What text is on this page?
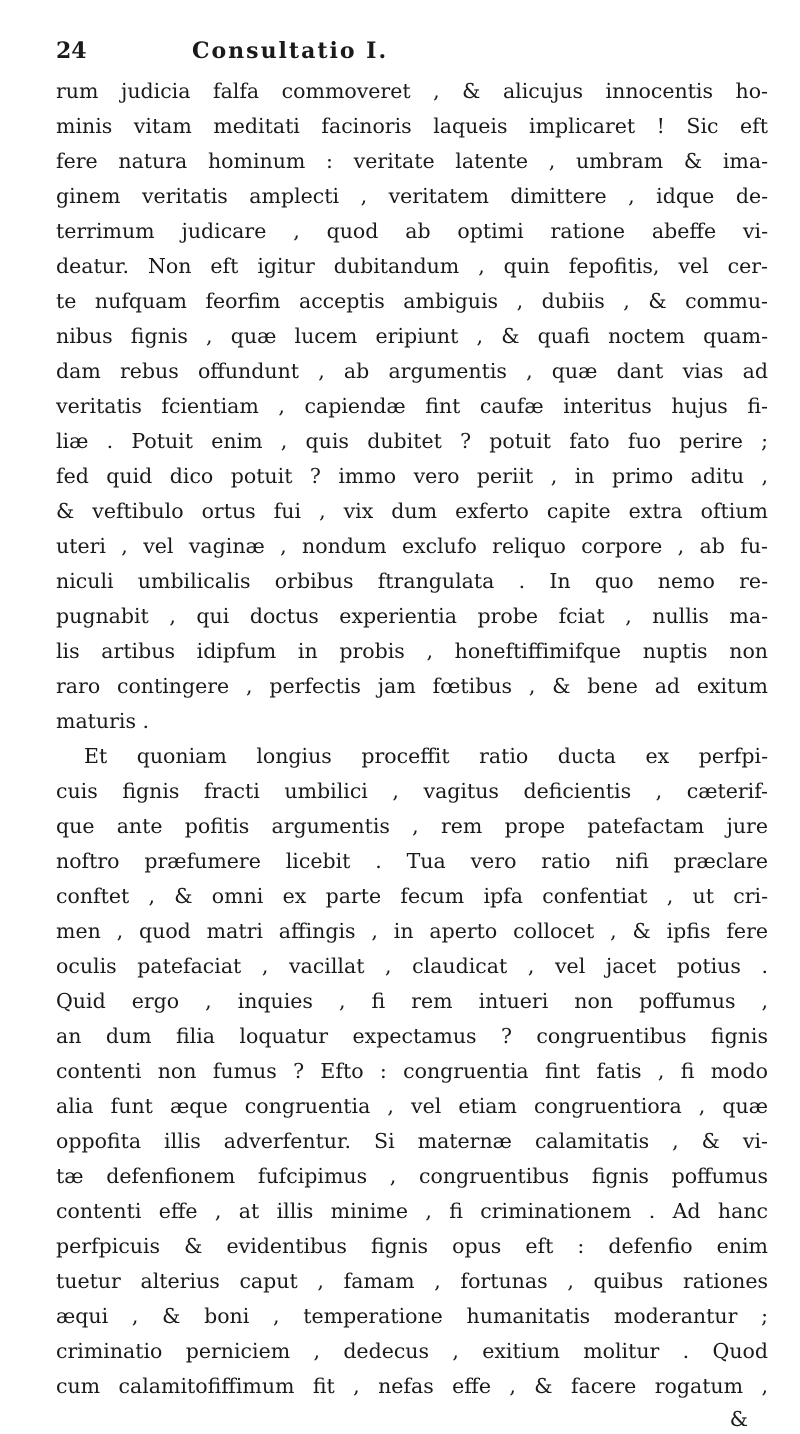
24	Consultatio I.
rum judicia falfa commoveret , & alicujus innocentis ho-
minis vitam meditati facinoris laqueis implicaret ! Sic eft
fere natura hominum : veritate latente , umbram & ima-
ginem veritatis amplecti , veritatem dimittere , idque de-
terrimum judicare , quod ab optimi ratione abeffe vi-
deatur. Non eft igitur dubitandum , quin fepofitis, vel cer-
te nufquam feorfim acceptis ambiguis , dubiis , & commu-
nibus fignis , quæ lucem eripiunt , & quafi noctem quam-
dam rebus offundunt , ab argumentis , quæ dant vias ad
veritatis fcientiam , capiendæ fint caufæ interitus hujus fi-
liæ . Potuit enim , quis dubitet ? potuit fato fuo perire ;
fed quid dico potuit ? immo vero periit , in primo aditu ,
& veftibulo ortus fui , vix dum exferto capite extra oftium
uteri , vel vaginæ , nondum exclufo reliquo corpore , ab fu-
niculi umbilicalis orbibus ftrangulata . In quo nemo re-
pugnabit , qui doctus experientia probe fciat , nullis ma-
lis artibus idipfum in probis , honeftiffimifque nuptis non
raro contingere , perfectis jam fœtibus , & bene ad exitum
maturis .
Et quoniam longius proceffit ratio ducta ex perfpi-
cuis fignis fracti umbilici , vagitus deficientis , cæterif-
que ante pofitis argumentis , rem prope patefactam jure
noftro præfumere licebit . Tua vero ratio nifi præclare
conftet , & omni ex parte fecum ipfa confentiat , ut cri-
men , quod matri affingis , in aperto collocet , & ipfis fere
oculis patefaciat , vacillat , claudicat , vel jacet potius .
Quid ergo , inquies , fi rem intueri non poffumus ,
an dum filia loquatur expectamus ? congruentibus fignis
contenti non fumus ? Efto : congruentia fint fatis , fi modo
alia funt æque congruentia , vel etiam congruentiora , quæ
oppofita illis adverfentur. Si maternæ calamitatis , & vi-
tæ defenfionem fufcipimus , congruentibus fignis poffumus
contenti effe , at illis minime , fi criminationem . Ad hanc
perfpicuis & evidentibus fignis opus eft : defenfio enim
tuetur alterius caput , famam , fortunas , quibus rationes
æqui , & boni , temperatione humanitatis moderantur ;
criminatio perniciem , dedecus , exitium molitur . Quod
cum calamitofiffimum fit , nefas effe , & facere rogatum ,
&
